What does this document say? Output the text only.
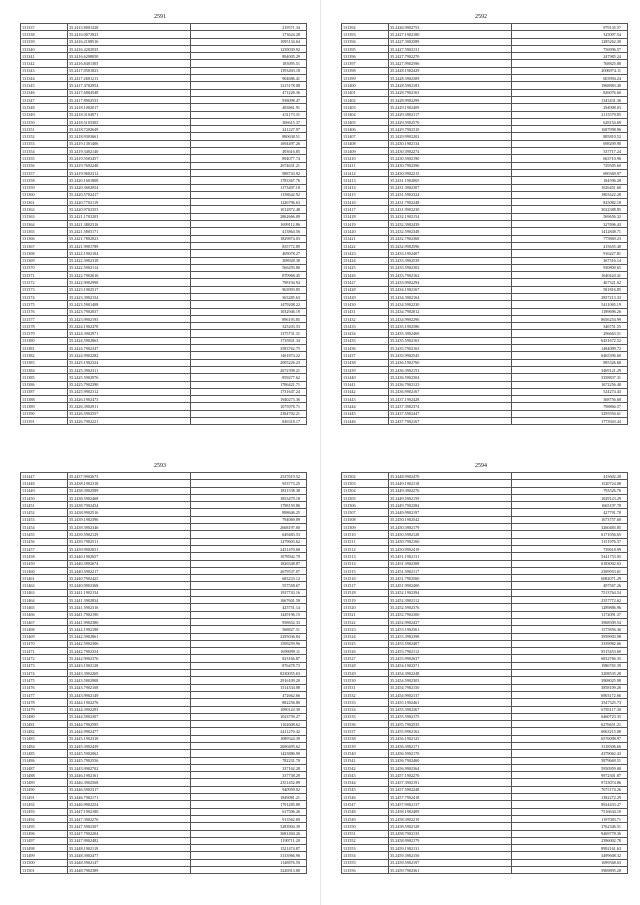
2591
131337	35.2415.8001328	219571.34
131338	35.2416.0072923	173624.28
131339	35.2416.2108516	1095134.64
131340	35.2416.4202935	1239039.92
131341	35.2416.6298050	894005.29
131342	35.2416.8401305	183095.51
131343	35.2417.0501823	1393403.18
131344	35.2417.2601213	904686.41
131345	35.2417.4702954	1215178.08
131346	35.2417.6804548	471226.36
131347	35.2417.8902533	938098.47
131348	35.2418.1002017	483861.91
131349	35.2418.3104071	431173.31
131350	35.2418.5103305	306615.37
131351	35.2418.7202649	241227.97
131352	35.2418.9303661	880638.51
131353	35.2419.1301406	1694497.26
131354	35.2419.3402140	493616.85
131355	35.2419.5503457	894077.74
131356	35.2419.7602248	2674631.21
131357	35.2419.9602312	988743.92
131358	35.2420.1601808	1783367.76
131359	35.2420.3602054	1173407.18
131360	35.2420.5702417	1158642.92
131361	35.2420.7702119	1226796.63
131362	35.2420.9702353	1012872.48
131363	35.2421.1703203	2862666.09
131364	35.2421.3802316	1699112.86
131365	35.2421.5803171	413864.56
131366	35.2421.7802023	1829874.03
131367	35.2421.9901789	835772.89
131368	35.2422.1902104	409078.27
131369	35.2422.3902318	208928.38
131370	35.2422.5902114	566293.80
131371	35.2422.7902616	870968.45
131372	35.2422.9902998	798194.94
131373	35.2423.1902517	963993.85
131374	35.2423.3902154	363285.63
131375	35.2423.5901408	1479208.22
131376	35.2423.7902037	1032946.19
131377	35.2423.9902193	896193.85
131378	35.2424.1902478	325203.53
131379	35.2424.3902971	1375731.31
131380	35.2424.5902863	1735831.34
131381	35.2424.7902347	3583762.75
131382	35.2424.9902282	1461874.22
131383	35.2425.1902324	2005226.23
131384	35.2425.3902311	2672398.21
131385	35.2425.5902976	859277.62
131386	35.2425.7902390	1786421.71
131387	35.2425.9902312	1731647.24
131388	35.2426.1902473	1940273.36
131389	35.2426.3902911	1075978.71
131390	35.2426.5902557	2384702.21
131391	35.2426.7902221	826318.17
2593
131447	35.2437.9902673	2537619.52
131448	35.2438.1902318	953773.25
131449	35.2438.3902589	1831538.38
131450	35.2438.5902468	1853479.18
131451	35.2438.7902454	1798159.86
131452	35.2438.9902516	898646.25
131453	35.2439.1902396	794069.89
131454	35.2439.3902346	2668197.60
131455	35.2439.5902129	649483.53
131456	35.2439.7902511	1279603.62
131457	35.2439.9902051	2431470.68
131458	35.2440.1902657	1078942.79
131459	35.2440.3902674	1826548.87
131460	35.2440.5902217	2679537.07
131461	35.2440.7902425	683233.12
131462	35.2440.9902368	557558.67
131463	35.2441.1902154	1937743.16
131464	35.2441.3902834	1667601.58
131465	35.2441.5902316	425751.14
131466	35.2441.7902190	1429196.15
131467	35.2441.9902380	958652.33
131468	35.2442.1902188	568827.51
131469	35.2442.3902861	2295036.84
131470	35.2442.5902306	1509259.96
131471	35.2442.7902354	1699099.11
131472	35.2442.9902376	823166.87
131473	35.2443.1902128	876478.73
131474	35.2443.3902269	8230055.63
131475	35.2443.5902908	2916109.20
131476	35.2443.7902168	1514334.08
131477	35.2443.9902149	472662.66
131478	35.2444.1902276	882256.80
131479	35.2444.3902293	1090124.39
131480	35.2444.5902307	1023759.27
131481	35.2444.7902595	1102608.62
131482	35.2444.9902477	2411270.42
131483	35.2445.1902318	1089324.39
131484	35.2445.3902439	2000495.62
131485	35.2445.5902062	1423886.90
131486	35.2445.7902556	782231.70
131487	35.2445.9902702	337162.28
131488	35.2446.1902161	337738.29
131489	35.2446.3902568	2351452.89
131490	35.2446.5902317	940959.02
131491	35.2446.7902171	1849081.21
131492	35.2446.9902254	1791285.89
131493	35.2447.1902180	617506.26
131494	35.2447.3902276	913562.69
131495	35.2447.5902307	3283904.39
131496	35.2447.7902204	3681494.26
131497	35.2447.9902482	1190711.20
131498	35.2448.1902119	1521474.87
131499	35.2448.3902477	3133966.96
131500	35.2448.5902147	1148876.59
131501	35.2448.7902389	3226913.80
2592
131392	35.2426.9902753	979135.57
131393	35.2427.1902180	325097.54
131394	35.2427.3902589	1285262.30
131395	35.2427.5902131	756996.57
131396	35.2427.7902270	247985.24
131397	35.2427.9902596	768825.88
131398	35.2428.1902429	2006974.11
131399	35.2428.3902309	603994.24
131400	35.2428.5902183	1968883.40
131401	35.2428.7902163	826076.60
131402	35.2428.9902299	1343431.36
131403	35.2429.1902409	294908.03
131404	35.2429.3902117	2115579.85
131405	35.2429.5902570	628154.69
131406	35.2429.7902310	1687998.96
131407	35.2429.9902202	885810.52
131408	35.2430.1902134	698209.90
131409	35.2430.3902274	537717.24
131410	35.2430.5902190	663710.96
131411	35.2430.7902396	729305.60
131412	35.2430.9902215	690369.97
131413	35.2431.1902065	184596.28
131414	35.2431.3902307	1026451.60
131415	35.2431.5902324	1803422.28
131416	35.2431.7902248	825082.18
131417	35.2431.9902230	3022388.85
131418	35.2432.1902154	569656.32
131419	35.2432.3902439	327696.43
131420	35.2432.5902348	1412848.71
131421	35.2432.7902368	775869.23
131422	35.2432.9902596	415655.48
131423	35.2433.1902407	916427.81
131424	35.2433.3902539	267316.14
131425	35.2433.5902302	930800.65
131426	35.2433.7902162	1640424.41
131427	35.2433.9902294	467321.62
131428	35.2434.1902167	581816.85
131429	35.2434.3902164	2857213.33
131430	35.2434.5902230	5411065.19
131431	35.2434.7902012	1189696.26
131432	35.2434.9902296	8656254.99
131433	35.2435.1902586	346751.55
131434	35.2435.3902469	296663.51
131435	35.2435.5902163	6451672.52
131436	35.2435.7902163	1484099.72
131437	35.2435.9902545	6465396.60
131438	35.2436.1902760	985326.68
131439	35.2436.3902153	3469121.29
131440	35.2436.5902304	3358837.31
131441	35.2436.7902123	1672256.48
131442	35.2436.9902167	524274.43
131443	35.2437.1902428	368756.68
131444	35.2437.3902374	798866.57
131445	35.2437.5902447	3295594.61
131446	35.2437.7902167	1773943.44
2594
131502	35.2448.9902470	415602.28
131503	35.2449.1902118	1520724.08
131504	35.2449.3902276	793526.76
131505	35.2449.5902159	1029123.29
131506	35.2449.7902384	1665197.78
131507	35.2449.9902197	427791.78
131508	35.2450.1902542	1673757.60
131509	35.2450.3902179	3260483.85
131510	35.2450.5902128	6171056.65
131511	35.2450.7902160	1151976.37
131512	35.2450.9902419	739618.99
131513	35.2451.1902131	5441753.05
131514	35.2451.3902308	6183002.63
131515	35.2451.5902117	2309953.61
131516	35.2451.7902560	6082071.29
131517	35.2451.9902400	497567.26
131518	35.2452.1902394	7513764.54
131519	35.2452.3902112	2357772.62
131520	35.2452.5902376	1289886.96
131521	35.2452.7902300	1172091.37
131522	35.2452.9902437	3968509.54
131523	35.2453.1902561	1575856.36
131524	35.2453.3902398	3959903.98
131525	35.2453.5902407	3339982.66
131526	35.2453.7902112	9515453.60
131527	35.2453.9902637	6832766.35
131528	35.2454.1902371	1986765.39
131529	35.2454.3902248	3208535.28
131530	35.2454.5902303	3908025.98
131531	35.2454.7902150	3858109.26
131532	35.2454.9902137	6903172.66
131533	35.2455.1902461	3547325.73
131534	35.2455.3902367	6783117.30
131535	35.2455.5902175	6460723.35
131536	35.2455.7902535	6276651.21
131537	35.2455.9902162	6063215.08
131538	35.2456.1902125	6576098.97
131539	35.2456.3902171	3118306.66
131540	35.2456.5902170	4379062.43
131541	35.2456.7902460	5879669.51
131542	35.2456.9902364	5950959.00
131543	35.2457.1902270	9972301.87
131544	35.2457.3902191	9723074.86
131545	35.2457.5902248	7075174.26
131546	35.2457.7902418	1382272.29
131547	35.2457.9902137	8924433.27
131548	35.2458.1902409	7516634.10
131549	35.2458.3902219	1197083.71
131550	35.2458.5902128	3762346.51
131551	35.2458.7902135	9469778.36
131552	35.2458.9902179	2396002.78
131553	35.2459.1902131	8992161.63
131554	35.2459.3902156	3499608.32
131555	35.2459.5902197	1699568.63
131556	35.2459.7902361	5969895.28
